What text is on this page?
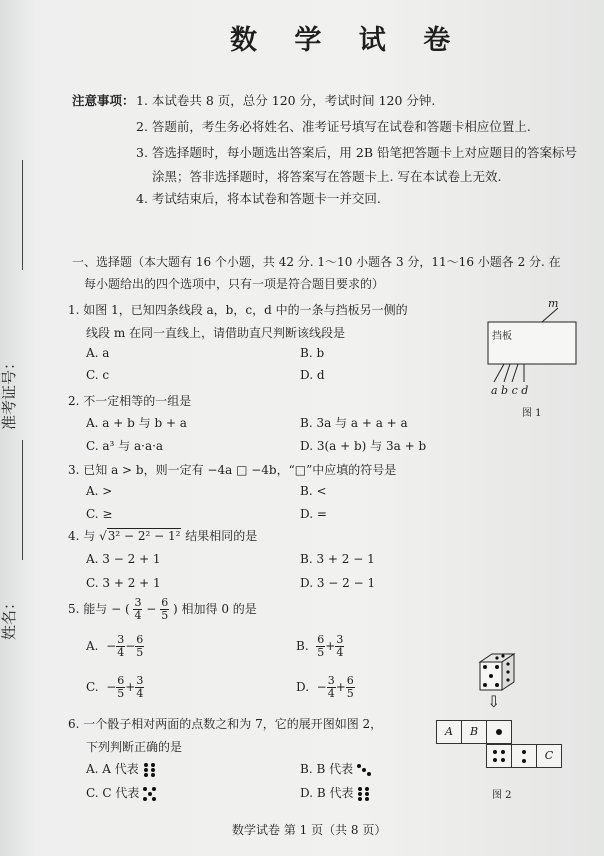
准考证号：
姓名：
数 学 试 卷
注意事项： 1. 本试卷共 8 页，总分 120 分，考试时间 120 分钟.
2. 答题前，考生务必将姓名、准考证号填写在试卷和答题卡相应位置上.
3. 答选择题时，每小题选出答案后，用 2B 铅笔把答题卡上对应题目的答案标号
涂黑；答非选择题时，将答案写在答题卡上. 写在本试卷上无效.
4. 考试结束后，将本试卷和答题卡一并交回.
一、选择题（本大题有 16 个小题，共 42 分. 1～10 小题各 3 分，11～16 小题各 2 分. 在
每小题给出的四个选项中，只有一项是符合题目要求的）
1. 如图 1，已知四条线段 a，b，c，d 中的一条与挡板另一侧的
线段 m 在同一直线上，请借助直尺判断该线段是
A. a	B. b
C. c	D. d
m
挡板
a b c d
图 1
2. 不一定相等的一组是
A. a + b 与 b + a	B. 3a 与 a + a + a
C. a³ 与 a·a·a	D. 3(a + b) 与 3a + b
3. 已知 a > b，则一定有 −4a □ −4b，“□”中应填的符号是
A. >	B. <
C. ≥	D. =
4. 与 √3² − 2² − 1² 结果相同的是
A. 3 − 2 + 1	B. 3 + 2 − 1
C. 3 + 2 + 1	D. 3 − 2 − 1
5. 能与 − ( $\frac{3}{4} - \frac{6}{5}$ ) 相加得 0 的是
A. − $\frac{3}{4} - \frac{6}{5}$	B. $\frac{6}{5} + \frac{3}{4}$
C. − $\frac{6}{5} + \frac{3}{4}$	D. − $\frac{3}{4} + \frac{6}{5}$
6. 一个骰子相对两面的点数之和为 7，它的展开图如图 2，
下列判断正确的是
A. A 代表	B. B 代表
C. C 代表	D. B 代表
⇩
A	B
C
图 2
数学试卷 第 1 页（共 8 页）
